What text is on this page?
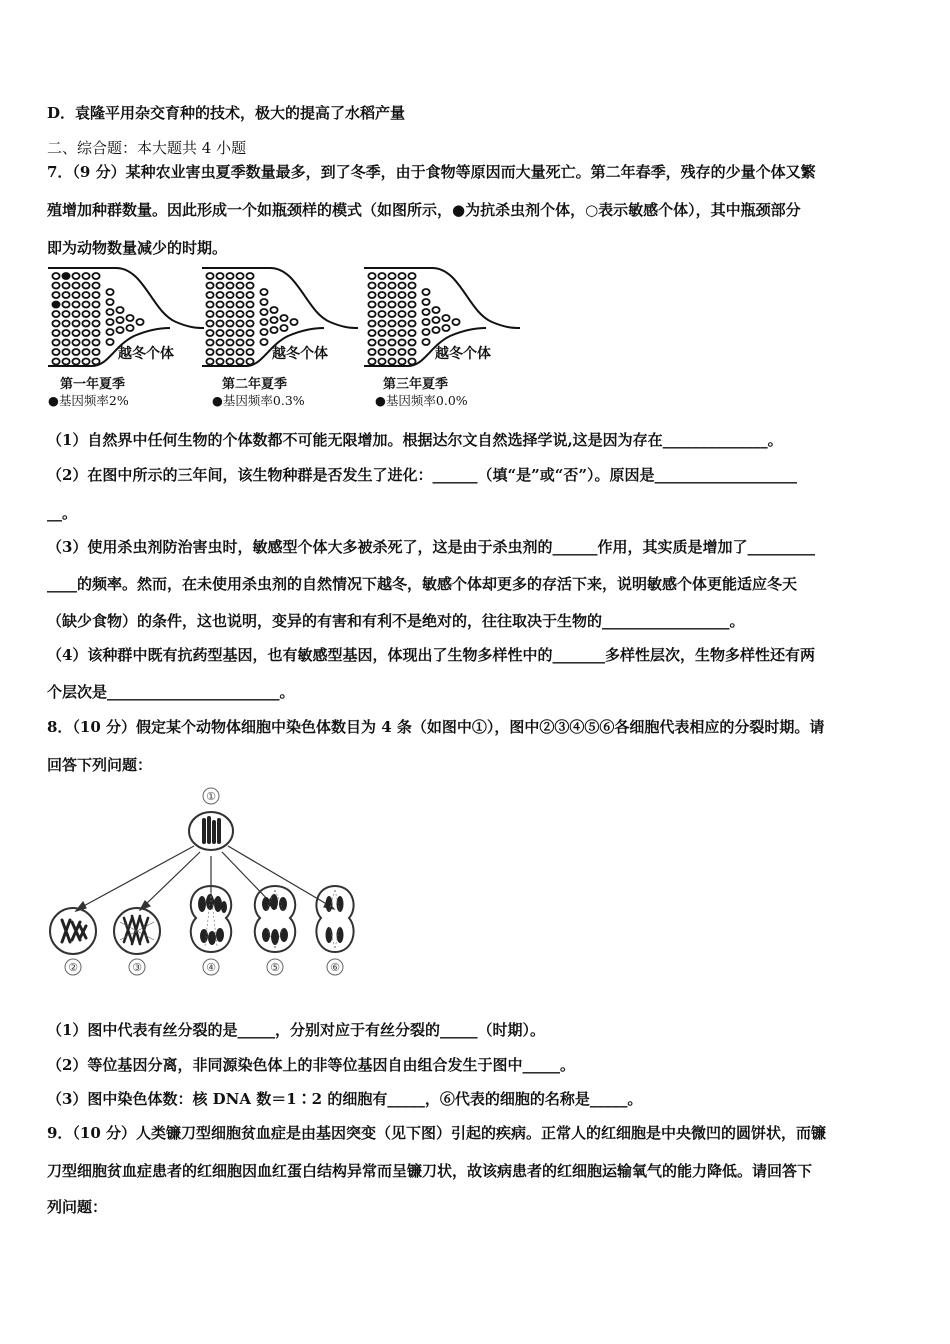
D．袁隆平用杂交育种的技术，极大的提高了水稻产量
二、综合题：本大题共 4 小题
7．（9 分）某种农业害虫夏季数量最多，到了冬季，由于食物等原因而大量死亡。第二年春季，残存的少量个体又繁
殖增加种群数量。因此形成一个如瓶颈样的模式（如图所示，●为抗杀虫剂个体，○表示敏感个体），其中瓶颈部分
即为动物数量减少的时期。
越冬个体	越冬个体	越冬个体
第一年夏季	第二年夏季	第三年夏季
●基因频率2%	●基因频率0.3%	●基因频率0.0%
（1）自然界中任何生物的个体数都不可能无限增加。根据达尔文自然选择学说,这是因为存在______________。
（2）在图中所示的三年间，该生物种群是否发生了进化：______（填“是”或“否”）。原因是___________________
__。
（3）使用杀虫剂防治害虫时，敏感型个体大多被杀死了，这是由于杀虫剂的______作用，其实质是增加了_________
____的频率。然而，在未使用杀虫剂的自然情况下越冬，敏感个体却更多的存活下来，说明敏感个体更能适应冬天
（缺少食物）的条件，这也说明，变异的有害和有利不是绝对的，往往取决于生物的_________________。
（4）该种群中既有抗药型基因，也有敏感型基因，体现出了生物多样性中的_______多样性层次，生物多样性还有两
个层次是_______________________。
8．（10 分）假定某个动物体细胞中染色体数目为 4 条（如图中①），图中②③④⑤⑥各细胞代表相应的分裂时期。请
回答下列问题：
①
②	③	④	⑤	⑥
（1）图中代表有丝分裂的是_____，分别对应于有丝分裂的_____（时期）。
（2）等位基因分离，非同源染色体上的非等位基因自由组合发生于图中_____。
（3）图中染色体数：核 DNA 数＝1∶2 的细胞有_____，⑥代表的细胞的名称是_____。
9．（10 分）人类镰刀型细胞贫血症是由基因突变（见下图）引起的疾病。正常人的红细胞是中央微凹的圆饼状，而镰
刀型细胞贫血症患者的红细胞因血红蛋白结构异常而呈镰刀状，故该病患者的红细胞运输氧气的能力降低。请回答下
列问题：
